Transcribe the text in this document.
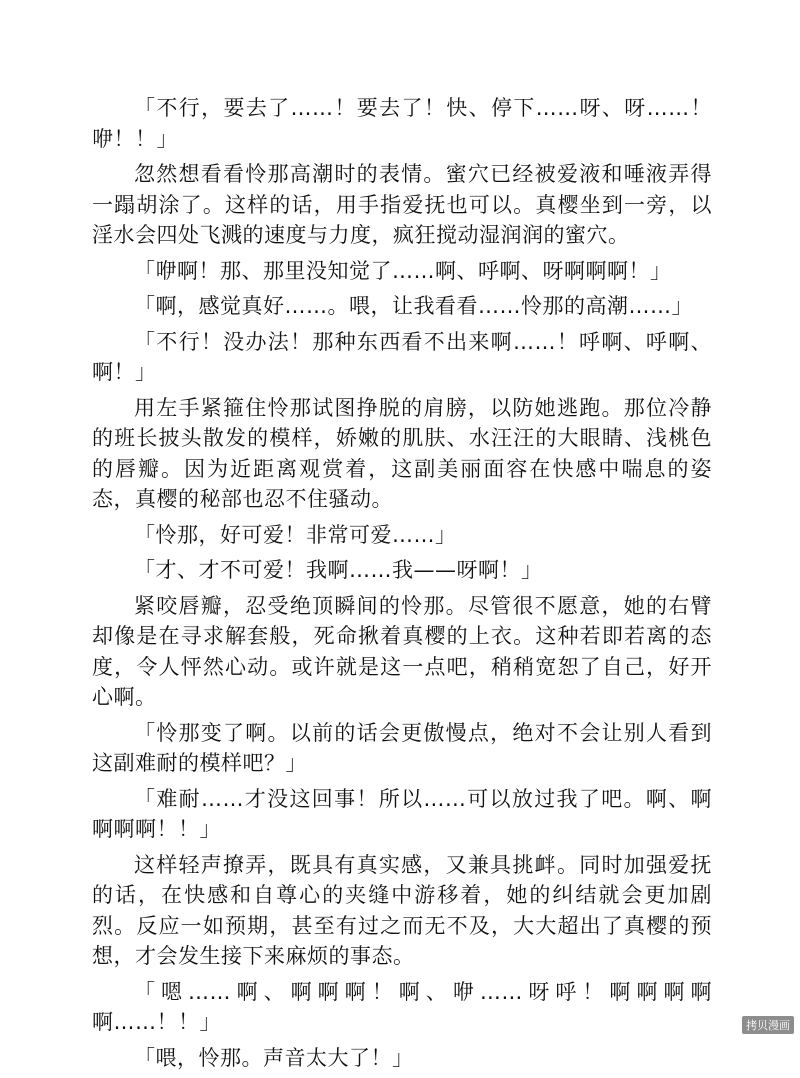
「不行，要去了……！要去了！快、停下……呀、呀……！咿！！」

忽然想看看怜那高潮时的表情。蜜穴已经被爱液和唾液弄得一蹋胡涂了。这样的话，用手指爱抚也可以。真樱坐到一旁，以淫水会四处飞溅的速度与力度，疯狂搅动湿润润的蜜穴。

「咿啊！那、那里没知觉了……啊、呼啊、呀啊啊啊！」

「啊，感觉真好……。喂，让我看看……怜那的高潮……」

「不行！没办法！那种东西看不出来啊……！呼啊、呼啊、啊！」

用左手紧箍住怜那试图挣脱的肩膀，以防她逃跑。那位冷静的班长披头散发的模样，娇嫩的肌肤、水汪汪的大眼睛、浅桃色的唇瓣。因为近距离观赏着，这副美丽面容在快感中喘息的姿态，真樱的秘部也忍不住骚动。

「怜那，好可爱！非常可爱……」

「才、才不可爱！我啊……我——呀啊！」

紧咬唇瓣，忍受绝顶瞬间的怜那。尽管很不愿意，她的右臂却像是在寻求解套般，死命揪着真樱的上衣。这种若即若离的态度，令人怦然心动。或许就是这一点吧，稍稍宽恕了自己，好开心啊。

「怜那变了啊。以前的话会更傲慢点，绝对不会让别人看到这副难耐的模样吧？」

「难耐……才没这回事！所以……可以放过我了吧。啊、啊啊啊啊！！」

这样轻声撩弄，既具有真实感，又兼具挑衅。同时加强爱抚的话，在快感和自尊心的夹缝中游移着，她的纠结就会更加剧烈。反应一如预期，甚至有过之而无不及，大大超出了真樱的预想，才会发生接下来麻烦的事态。

「嗯……啊、啊啊啊！啊、咿……呀呼！啊啊啊啊啊……！！」

「喂，怜那。声音太大了！」

拷贝漫画
